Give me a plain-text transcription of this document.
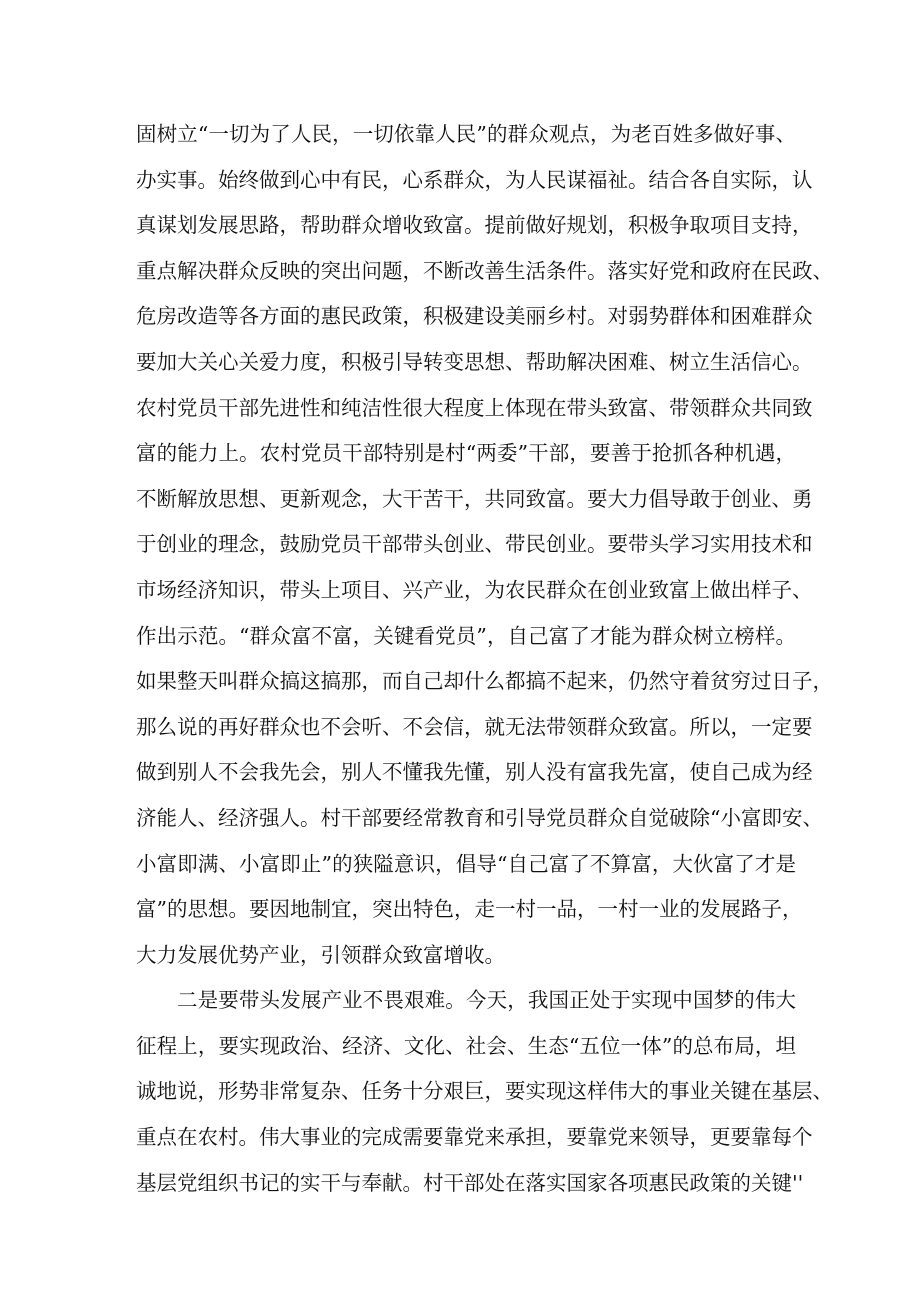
固树立“一切为了人民，一切依靠人民”的群众观点，为老百姓多做好事、
办实事。始终做到心中有民，心系群众，为人民谋福祉。结合各自实际，认
真谋划发展思路，帮助群众增收致富。提前做好规划，积极争取项目支持，
重点解决群众反映的突出问题，不断改善生活条件。落实好党和政府在民政、
危房改造等各方面的惠民政策，积极建设美丽乡村。对弱势群体和困难群众
要加大关心关爱力度，积极引导转变思想、帮助解决困难、树立生活信心。
农村党员干部先进性和纯洁性很大程度上体现在带头致富、带领群众共同致
富的能力上。农村党员干部特别是村“两委”干部，要善于抢抓各种机遇，
不断解放思想、更新观念，大干苦干，共同致富。要大力倡导敢于创业、勇
于创业的理念，鼓励党员干部带头创业、带民创业。要带头学习实用技术和
市场经济知识，带头上项目、兴产业，为农民群众在创业致富上做出样子、
作出示范。“群众富不富，关键看党员”，自己富了才能为群众树立榜样。
如果整天叫群众搞这搞那，而自己却什么都搞不起来，仍然守着贫穷过日子，
那么说的再好群众也不会听、不会信，就无法带领群众致富。所以，一定要
做到别人不会我先会，别人不懂我先懂，别人没有富我先富，使自己成为经
济能人、经济强人。村干部要经常教育和引导党员群众自觉破除“小富即安、
小富即满、小富即止”的狭隘意识，倡导“自己富了不算富，大伙富了才是
富”的思想。要因地制宜，突出特色，走一村一品，一村一业的发展路子，
大力发展优势产业，引领群众致富增收。
二是要带头发展产业不畏艰难。今天，我国正处于实现中国梦的伟大
征程上，要实现政治、经济、文化、社会、生态“五位一体”的总布局，坦
诚地说，形势非常复杂、任务十分艰巨，要实现这样伟大的事业关键在基层、
重点在农村。伟大事业的完成需要靠党来承担，要靠党来领导，更要靠每个
基层党组织书记的实干与奉献。村干部处在落实国家各项惠民政策的关键''
